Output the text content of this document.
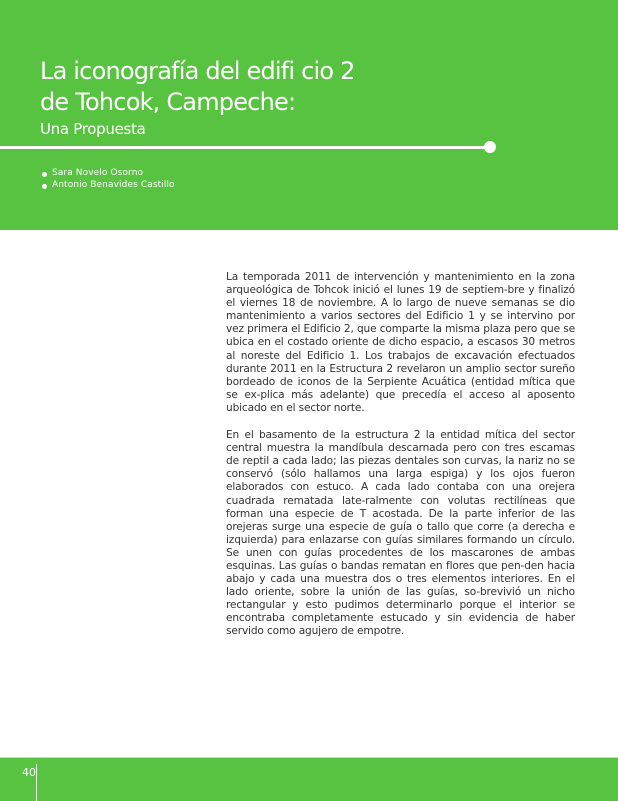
La iconografía del edifi cio 2
de Tohcok, Campeche:

Una Propuesta

Sara Novelo Osorno
Antonio Benavides Castillo

La temporada 2011 de intervención y mantenimiento en la zona arqueológica de Tohcok inició el lunes 19 de septiem-bre y finalizó el viernes 18 de noviembre. A lo largo de nueve semanas se dio mantenimiento a varios sectores del Edificio 1 y se intervino por vez primera el Edificio 2, que comparte la misma plaza pero que se ubica en el costado oriente de dicho espacio, a escasos 30 metros al noreste del Edificio 1. Los trabajos de excavación efectuados durante 2011 en la Estructura 2 revelaron un amplio sector sureño bordeado de iconos de la Serpiente Acuática (entidad mítica que se ex-plica más adelante) que precedía el acceso al aposento ubicado en el sector norte.

En el basamento de la estructura 2 la entidad mítica del sector central muestra la mandíbula descarnada pero con tres escamas de reptil a cada lado; las piezas dentales son curvas, la nariz no se conservó (sólo hallamos una larga espiga) y los ojos fueron elaborados con estuco. A cada lado contaba con una orejera cuadrada rematada late-ralmente con volutas rectilíneas que forman una especie de T acostada. De la parte inferior de las orejeras surge una especie de guía o tallo que corre (a derecha e izquierda) para enlazarse con guías similares formando un círculo. Se unen con guías procedentes de los mascarones de ambas esquinas. Las guías o bandas rematan en flores que pen-den hacia abajo y cada una muestra dos o tres elementos interiores. En el lado oriente, sobre la unión de las guías, so-brevivió un nicho rectangular y esto pudimos determinarlo porque el interior se encontraba completamente estucado y sin evidencia de haber servido como agujero de empotre.

40
